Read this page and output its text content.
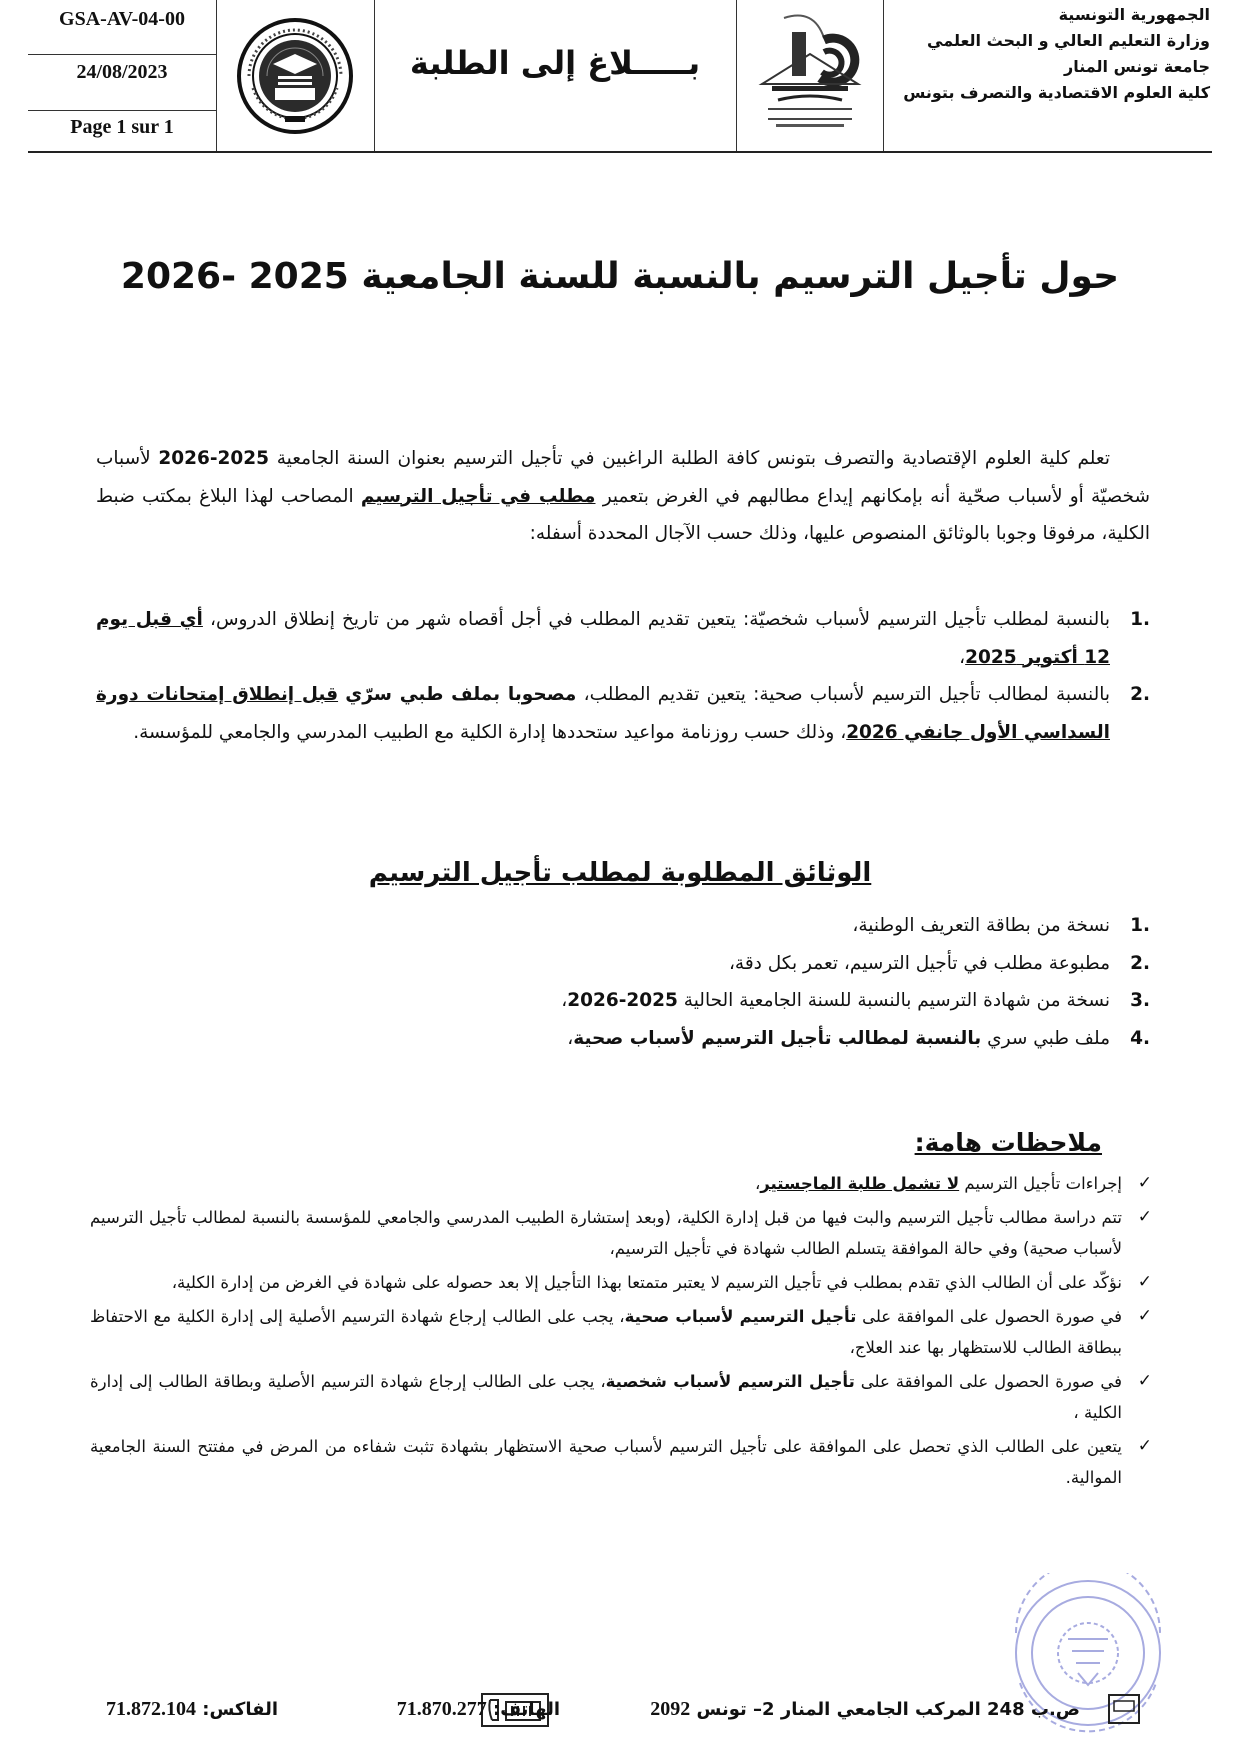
GSA-AV-04-00
24/08/2023
Page 1 sur 1
بـــــلاغ إلى الطلبة
الجمهورية التونسية
وزارة التعليم العالي و البحث العلمي
جامعة تونس المنار
كلية العلوم الاقتصادية والتصرف بتونس
حول تأجيل الترسيم بالنسبة للسنة الجامعية 2025 -2026

تعلم كلية العلوم الإقتصادية والتصرف بتونس كافة الطلبة الراغبين في تأجيل الترسيم بعنوان السنة الجامعية 2025-2026 لأسباب شخصيّة أو لأسباب صحّية أنه بإمكانهم إيداع مطالبهم في الغرض بتعمير مطلب في تأجيل الترسيم المصاحب لهذا البلاغ بمكتب ضبط الكلية، مرفوقا وجوبا بالوثائق المنصوص عليها، وذلك حسب الآجال المحددة أسفله:

.1
بالنسبة لمطلب تأجيل الترسيم لأسباب شخصيّة: يتعين تقديم المطلب في أجل أقصاه شهر من تاريخ إنطلاق الدروس، أي قبل يوم 12 أكتوبر 2025،
.2
بالنسبة لمطالب تأجيل الترسيم لأسباب صحية: يتعين تقديم المطلب، مصحوبا بملف طبي سرّي قبل إنطلاق إمتحانات دورة السداسي الأول جانفي 2026، وذلك حسب روزنامة مواعيد ستحددها إدارة الكلية مع الطبيب المدرسي والجامعي للمؤسسة.
الوثائق المطلوبة لمطلب تأجيل الترسيم
.1
نسخة من بطاقة التعريف الوطنية،
.2
مطبوعة مطلب في تأجيل الترسيم، تعمر بكل دقة،
.3
نسخة من شهادة الترسيم بالنسبة للسنة الجامعية الحالية 2025-2026،
.4
ملف طبي سري بالنسبة لمطالب تأجيل الترسيم لأسباب صحية،
ملاحظات هامة:
✓
إجراءات تأجيل الترسيم لا تشمل طلبة الماجستير،
✓
تتم دراسة مطالب تأجيل الترسيم والبت فيها من قبل إدارة الكلية، (وبعد إستشارة الطبيب المدرسي والجامعي للمؤسسة بالنسبة لمطالب تأجيل الترسيم لأسباب صحية) وفي حالة الموافقة يتسلم الطالب شهادة في تأجيل الترسيم،
✓
نؤكّد على أن الطالب الذي تقدم بمطلب في تأجيل الترسيم لا يعتبر متمتعا بهذا التأجيل إلا بعد حصوله على شهادة في الغرض من إدارة الكلية،
✓
في صورة الحصول على الموافقة على تأجيل الترسيم لأسباب صحية، يجب على الطالب إرجاع شهادة الترسيم الأصلية إلى إدارة الكلية مع الاحتفاظ ببطاقة الطالب للاستظهار بها عند العلاج،
✓
في صورة الحصول على الموافقة على تأجيل الترسيم لأسباب شخصية، يجب على الطالب إرجاع شهادة الترسيم الأصلية وبطاقة الطالب إلى إدارة الكلية ،
✓
يتعين على الطالب الذي تحصل على الموافقة على تأجيل الترسيم لأسباب صحية الاستظهار بشهادة تثبت شفاءه من المرض في مفتتح السنة الجامعية الموالية.
ص.ب 248 المركب الجامعي المنار 2– تونس 2092
الهاتف: 71.870.277
الفاكس: 71.872.104
